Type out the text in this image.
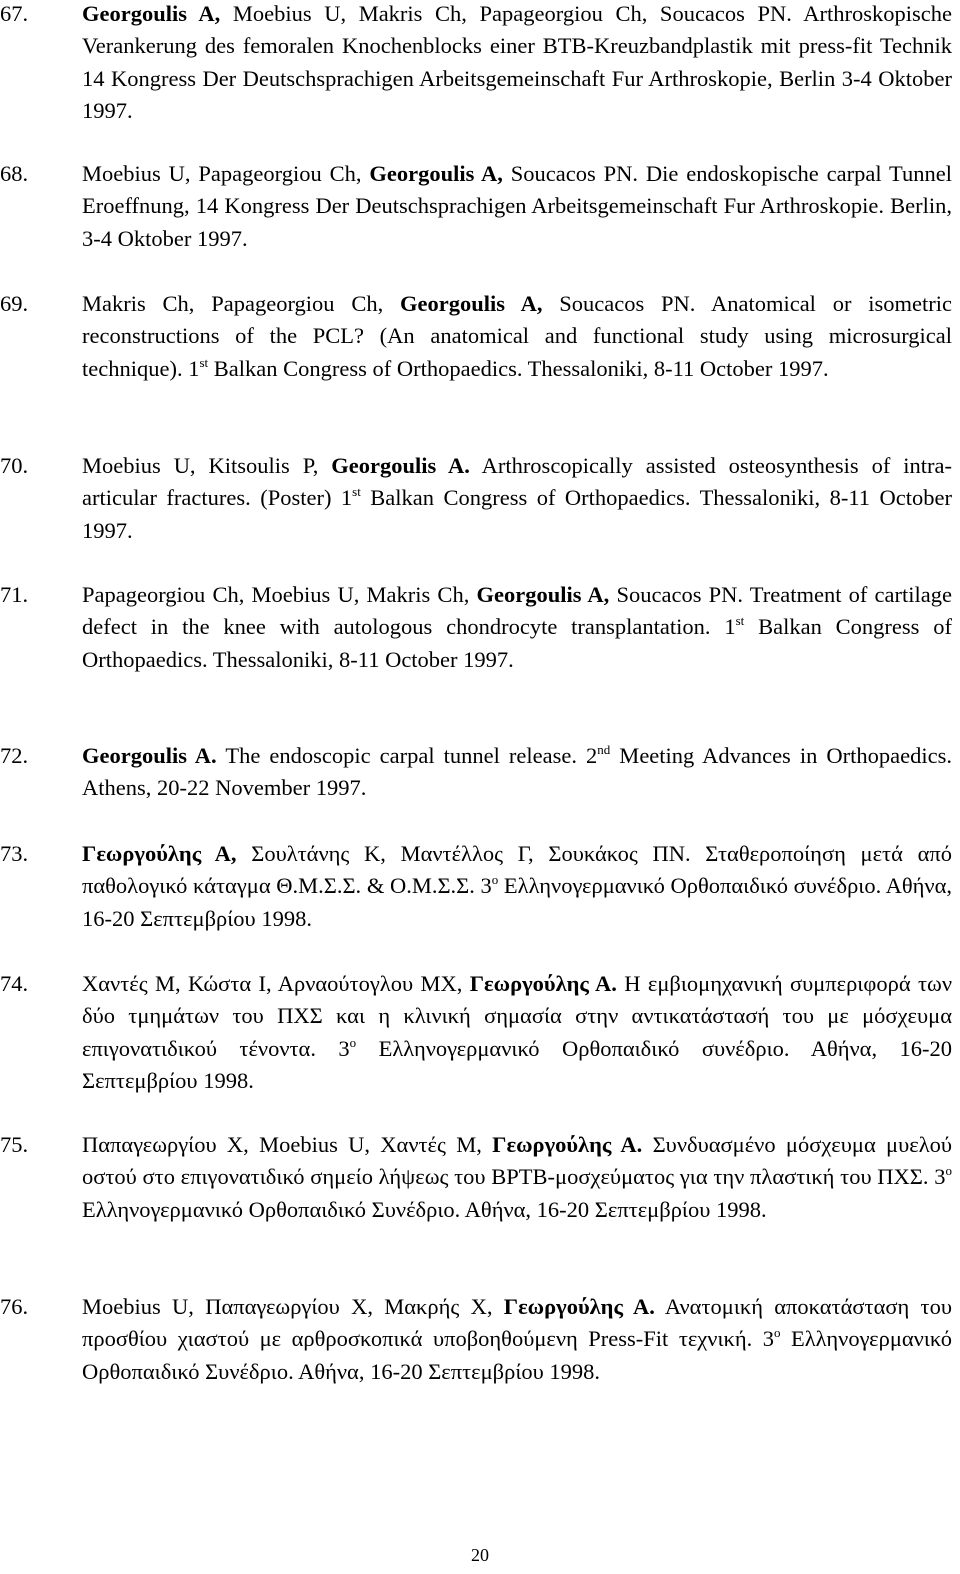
67.	Georgoulis A, Moebius U, Makris Ch, Papageorgiou Ch, Soucacos PN. Arthroskopische Verankerung des femoralen Knochenblocks einer BTB-Kreuzbandplastik mit press-fit Technik 14 Kongress Der Deutschsprachigen Arbeitsgemeinschaft Fur Arthroskopie, Berlin 3-4 Oktober 1997.
68.	Moebius U, Papageorgiou Ch, Georgoulis A, Soucacos PN. Die endoskopische carpal Tunnel Eroeffnung, 14 Kongress Der Deutschsprachigen Arbeitsgemeinschaft Fur Arthroskopie. Berlin, 3-4 Oktober 1997.
69.	Makris Ch, Papageorgiou Ch, Georgoulis A, Soucacos PN. Anatomical or isometric reconstructions of the PCL? (An anatomical and functional study using microsurgical technique). 1st Balkan Congress of Orthopaedics. Thessaloniki, 8-11 October 1997.
70.	Moebius U, Kitsoulis P, Georgoulis A. Arthroscopically assisted osteosynthesis of intra-articular fractures. (Poster) 1st Balkan Congress of Orthopaedics. Thessaloniki, 8-11 October 1997.
71.	Papageorgiou Ch, Moebius U, Makris Ch, Georgoulis A, Soucacos PN. Treatment of cartilage defect in the knee with autologous chondrocyte transplantation. 1st Balkan Congress of Orthopaedics. Thessaloniki, 8-11 October 1997.
72.	Georgoulis A. The endoscopic carpal tunnel release. 2nd Meeting Advances in Orthopaedics. Athens, 20-22 November 1997.
73.	Γεωργούλης Α, Σουλτάνης Κ, Μαντέλλος Γ, Σουκάκος ΠΝ. Σταθεροποίηση μετά από παθολογικό κάταγμα Θ.Μ.Σ.Σ. & Ο.Μ.Σ.Σ. $3^o$ Ελληνογερμανικό Ορθοπαιδικό συνέδριο. Αθήνα, 16-20 Σεπτεμβρίου 1998.
74.	Χαντές Μ, Κώστα Ι, Αρναούτογλου ΜΧ, Γεωργούλης Α. Η εμβιομηχανική συμπεριφορά των δύο τμημάτων του ΠΧΣ και η κλινική σημασία στην αντικατάστασή του με μόσχευμα επιγονατιδικού τένοντα. $3^o$ Ελληνογερμανικό Ορθοπαιδικό συνέδριο. Αθήνα, 16-20 Σεπτεμβρίου 1998.
75.	Παπαγεωργίου Χ, Moebius U, Χαντές Μ, Γεωργούλης Α. Συνδυασμένο μόσχευμα μυελού οστού στο επιγονατιδικό σημείο λήψεως του BPTB-μοσχεύματος για την πλαστική του ΠΧΣ. $3^o$ Ελληνογερμανικό Ορθοπαιδικό Συνέδριο. Αθήνα, 16-20 Σεπτεμβρίου 1998.
76.	Moebius U, Παπαγεωργίου Χ, Μακρής Χ, Γεωργούλης Α. Ανατομική αποκατάσταση του προσθίου χιαστού με αρθροσκοπικά υποβοηθούμενη Press-Fit τεχνική. $3^o$ Ελληνογερμανικό Ορθοπαιδικό Συνέδριο. Αθήνα, 16-20 Σεπτεμβρίου 1998.
20
